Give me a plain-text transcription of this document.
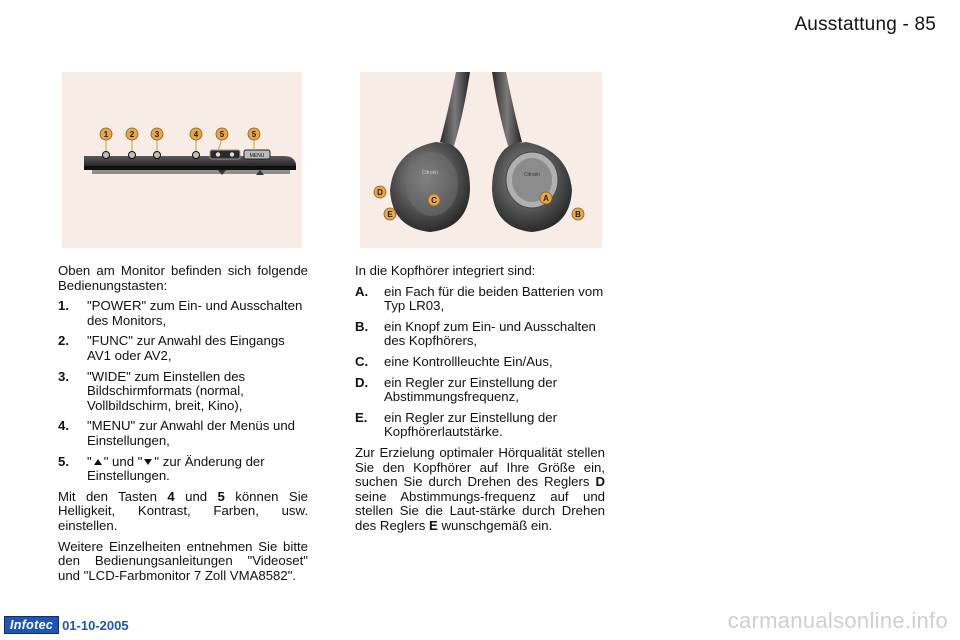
Ausstattung - 85
MENU
1	2	3	4	5	5
Citroën	Citroën
D
E
C	A
B

Oben am Monitor befinden sich folgende Bedienungstasten:

1.	"POWER" zum Ein- und Ausschalten des Monitors,
2.	"FUNC" zur Anwahl des Eingangs AV1 oder AV2,
3.	"WIDE" zum Einstellen des Bildschirmformats (normal, Vollbildschirm, breit, Kino),
4.	"MENU" zur Anwahl der Menüs und Einstellungen,
5.	" " und " " zur Änderung der Einstellungen.

Mit den Tasten 4 und 5 können Sie Helligkeit, Kontrast, Farben, usw. einstellen.

Weitere Einzelheiten entnehmen Sie bitte den Bedienungsanleitungen "Videoset" und "LCD-Farbmonitor 7 Zoll VMA8582".

In die Kopfhörer integriert sind:

A.	ein Fach für die beiden Batterien vom Typ LR03,
B.	ein Knopf zum Ein- und Ausschalten des Kopfhörers,
C.	eine Kontrollleuchte Ein/Aus,
D.	ein Regler zur Einstellung der Abstimmungsfrequenz,
E.	ein Regler zur Einstellung der Kopfhörerlautstärke.

Zur Erzielung optimaler Hörqualität stellen Sie den Kopfhörer auf Ihre Größe ein, suchen Sie durch Drehen des Reglers D seine Abstimmungs-frequenz auf und stellen Sie die Laut-stärke durch Drehen des Reglers E wunschgemäß ein.

Infotec 01-10-2005	carmanualsonline.info
